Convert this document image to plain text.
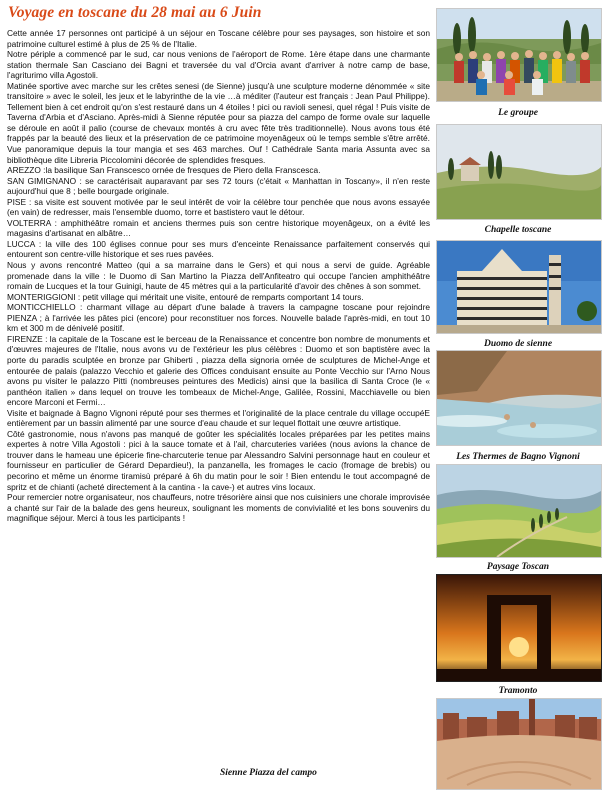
Voyage en toscane du 28 mai au 6 Juin

Cette année 17 personnes ont participé à un séjour en Toscane célèbre pour ses paysages, son histoire et son patrimoine culturel estimé à plus de 25 % de l'Italie.

Notre périple a commencé par le sud, car nous venions de l'aéroport de Rome. 1ère étape dans une charmante station thermale San Casciano dei Bagni et traversée du val d'Orcia avant d'arriver à notre camp de base, l'agriturimo villa Agostoli.

Matinée sportive avec marche sur les crêtes senesi (de Sienne) jusqu'à une sculpture moderne dénommée « site transitoire » avec le soleil, les jeux et le labyrinthe de la vie …à méditer (l'auteur est français : Jean Paul Philippe). Tellement bien à cet endroit qu'on s'est restauré dans un 4 étoiles ! pici ou ravioli senesi, quel régal ! Puis visite de Taverna d'Arbia et d'Asciano. Après-midi à Sienne réputée pour sa piazza del campo de forme ovale sur laquelle se déroule en août il palio (course de chevaux montés à cru avec fête très traditionnelle). Nous avons tous été frappés par la beauté des lieux et la préservation de ce patrimoine moyenâgeux où le temps semble s'être arrêté. Vue panoramique depuis la tour mangia et ses 463 marches. Ouf ! Cathédrale Santa maria Assunta avec sa bibliothèque dite Libreria Piccolomini décorée de splendides fresques.

AREZZO :la basilique San Franscesco ornée de fresques de Piero della Franscesca.

SAN GIMIGNANO : se caractérisait auparavant par ses 72 tours (c'était « Manhattan in Toscany», il n'en reste aujourd'hui que 8 ; belle bourgade originale.

PISE : sa visite est souvent motivée par le seul intérêt de voir la célèbre tour penchée que nous avons essayée (en vain) de redresser, mais l'ensemble duomo, torre et bastistero vaut le détour.

VOLTERRA : amphithéâtre romain et anciens thermes puis son centre historique moyenâgeux, on a évité les magasins d'artisanat en albâtre…

LUCCA : la ville des 100 églises connue pour ses murs d'enceinte Renaissance parfaitement conservés qui entourent son centre-ville historique et ses rues pavées.

Nous y avons rencontré Matteo (qui a sa marraine dans le Gers) et qui nous a servi de guide. Agréable promenade dans la ville : le Duomo di San Martino la Piazza dell'Anfiteatro qui occupe l'ancien amphithéâtre romain de Lucques et la tour Guinigi, haute de 45 mètres qui a la particularité d'avoir des chênes à son sommet.

MONTERIGGIONI : petit village qui méritait une visite, entouré de remparts comportant 14 tours.

MONTICCHIELLO : charmant village au départ d'une balade à travers la campagne toscane pour rejoindre PIENZA ; à l'arrivée les pâtes pici (encore) pour reconstituer nos forces. Nouvelle balade l'après-midi, en tout 10 km et 300 m de dénivelé positif.

FIRENZE : la capitale de la Toscane est le berceau de la Renaissance et concentre bon nombre de monuments et d'œuvres majeures de l'Italie, nous avons vu de l'extérieur les plus célèbres : Duomo et son baptistère avec la porte du paradis sculptée en bronze par Ghiberti , piazza della signoria ornée de sculptures de Michel-Ange et entourée de palais (palazzo Vecchio et galerie des Offices conduisant ensuite au Ponte Vecchio sur l'Arno Nous avons pu visiter le palazzo Pitti (nombreuses peintures des Medicis) ainsi que la basilica di Santa Croce (le « panthéon italien » dans lequel on trouve les tombeaux de Michel-Ange, Galilée, Rossini, Macchiavelle ou bien encore Marconi et Fermi…

Visite et baignade à Bagno Vignoni réputé pour ses thermes et l'originalité de la place centrale du village occupéE entièrement par un bassin alimenté par une source d'eau chaude et sur lequel flottait une œuvre artistique.

Côté gastronomie, nous n'avons pas manqué de goûter les spécialités locales préparées par les petites mains expertes à notre Villa Agostoli : pici à la sauce tomate et à l'ail, charcuteries variées (nous avions la chance de trouver dans le hameau une épicerie fine-charcuterie tenue par Alessandro Salvini personnage haut en couleur et fournisseur en particulier de Gérard Depardieu!), la panzanella, les fromages le cacio (fromage de brebis) ou pecorino et même un énorme tiramisù préparé à 6h du matin pour le soir ! Bien entendu le tout accompagné de spritz et de chianti (acheté directement à la cantina - la cave-) et autres vins locaux.

Pour remercier notre organisateur, nos chauffeurs, notre trésorière ainsi que nos cuisiniers une chorale improvisée a chanté sur l'air de la balade des gens heureux, soulignant les moments de convivialité et les bons souvenirs du magnifique séjour. Merci à tous les participants !

Le groupe
Chapelle toscane
Duomo de sienne
Les Thermes de Bagno Vignoni
Paysage Toscan
Tramonto
Sienne Piazza del campo
